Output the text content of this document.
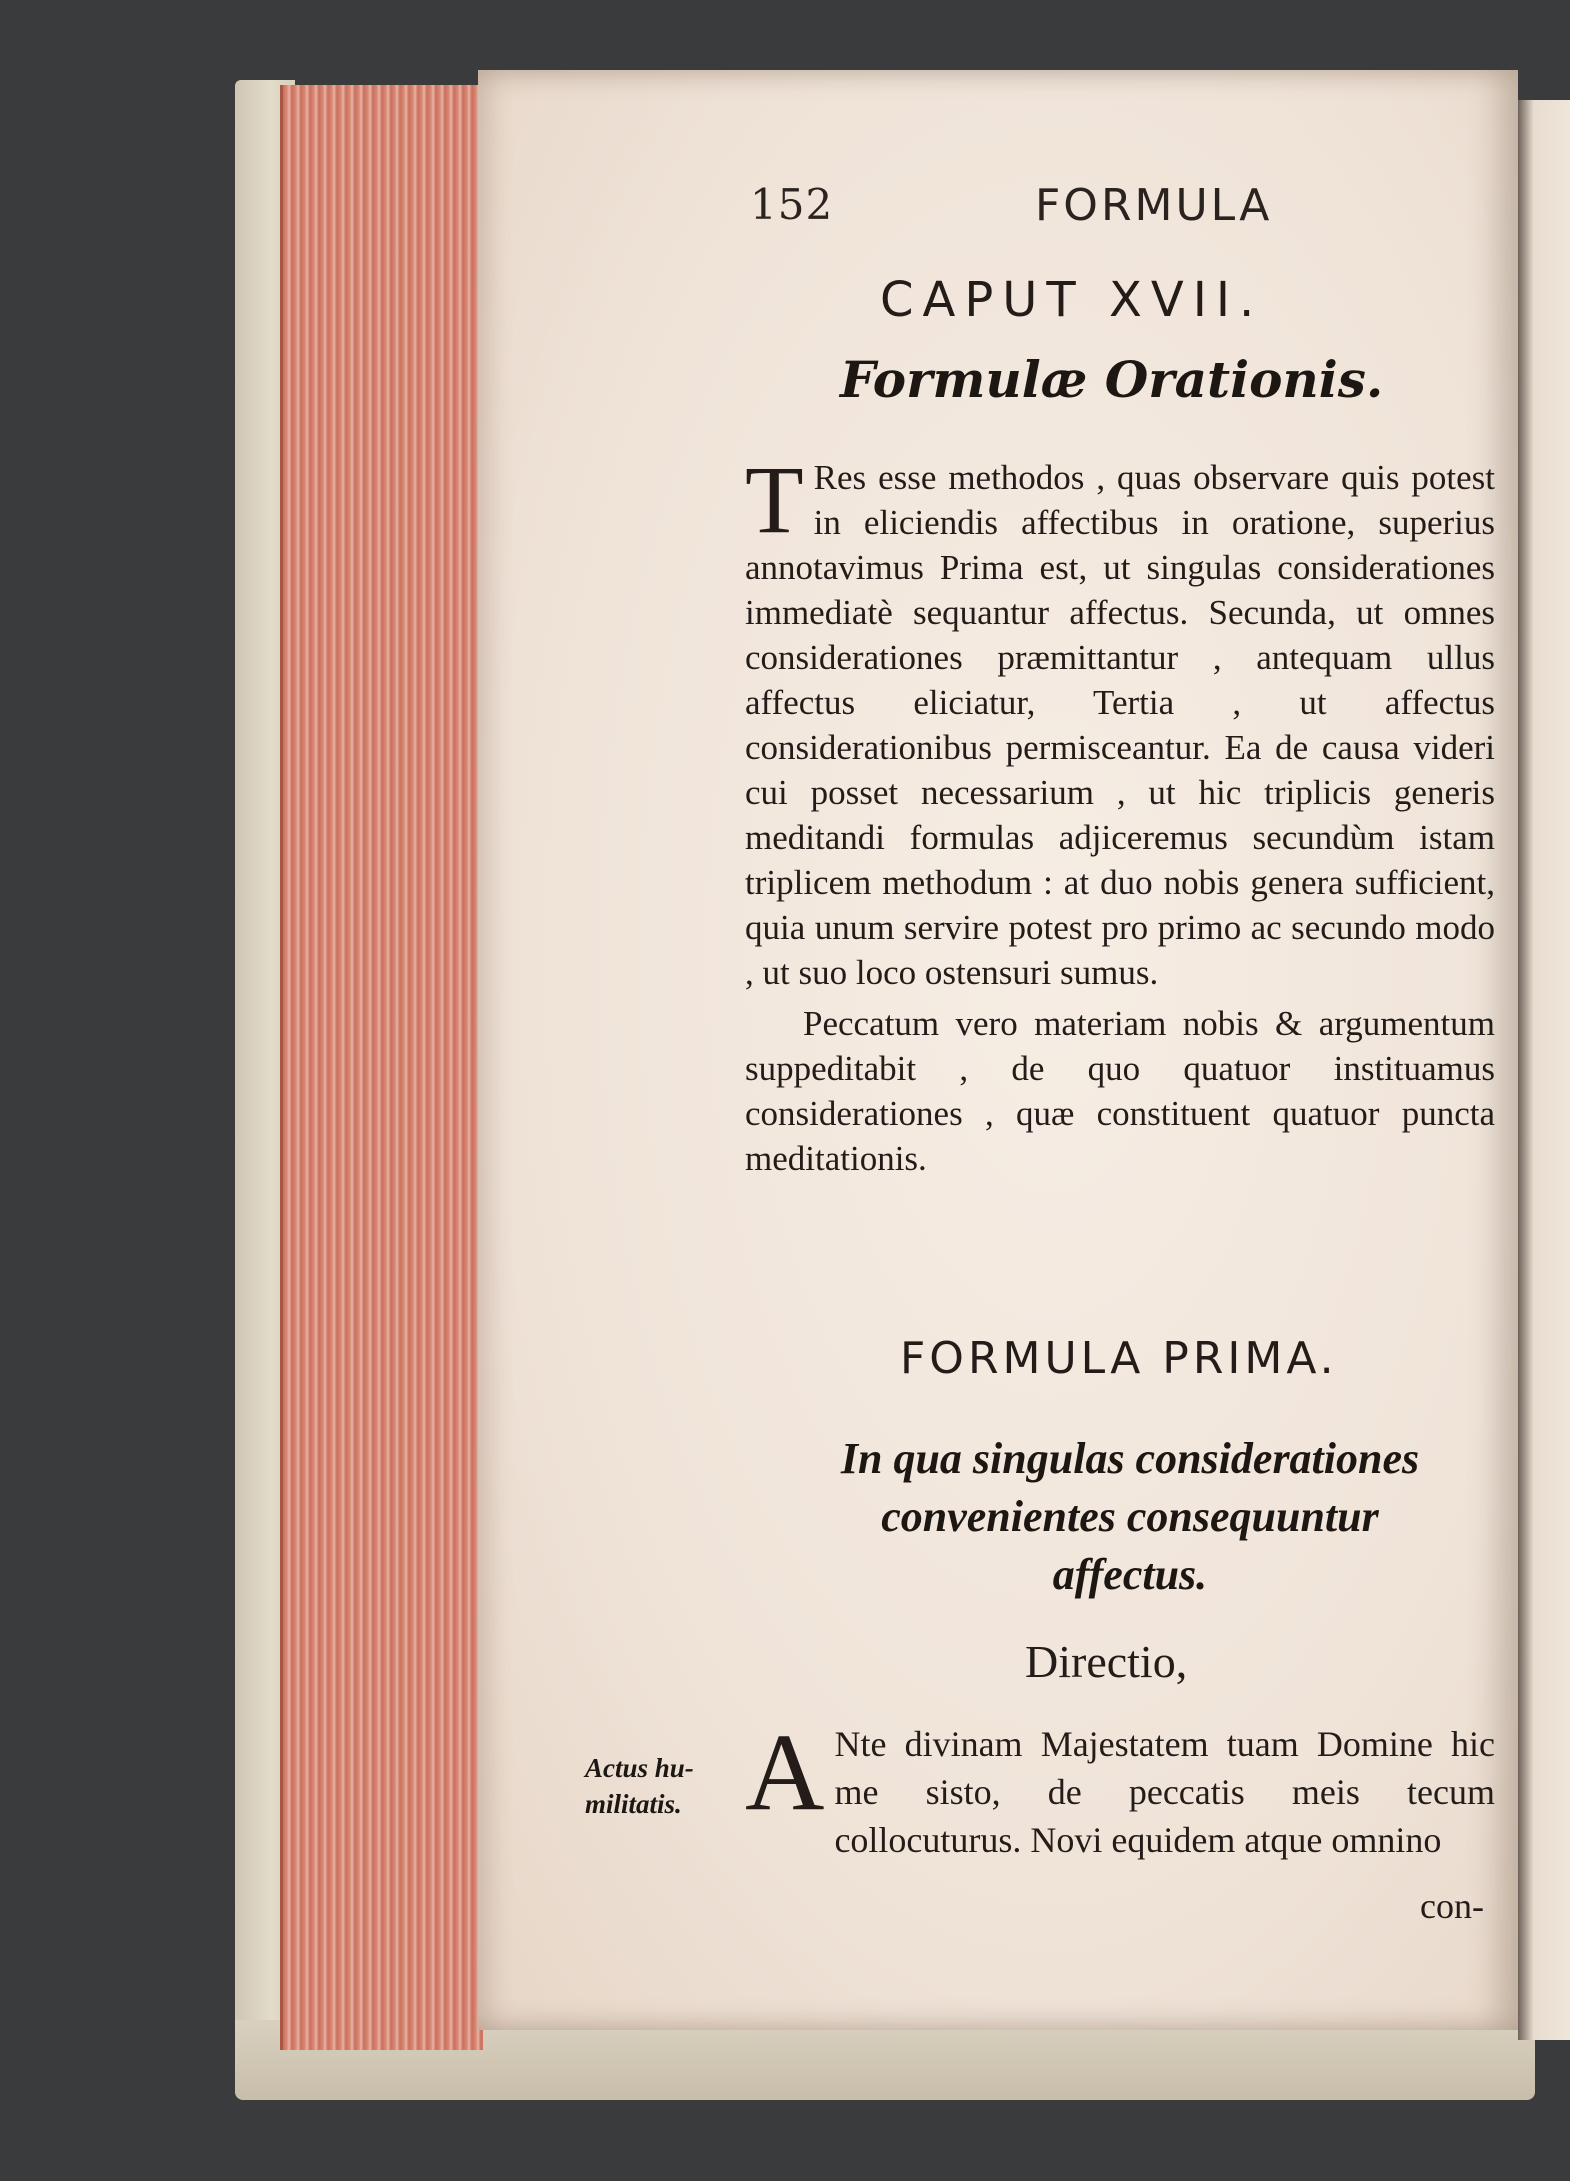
152	FORMULA
CAPUT XVII.
Formulæ Orationis.

T Res esse methodos , quas observare quis potest in eliciendis affectibus in oratione, superius annotavimus Prima est, ut singulas considerationes immediatè sequantur affectus. Secunda, ut omnes considerationes præmittantur , antequam ullus affectus eliciatur, Tertia , ut affectus considerationibus permisceantur. Ea de causa videri cui posset necessarium , ut hic triplicis generis meditandi formulas adjiceremus secundùm istam triplicem methodum : at duo nobis genera sufficient, quia unum servire potest pro primo ac secundo modo , ut suo loco ostensuri sumus.

Peccatum vero materiam nobis & argumentum suppeditabit , de quo quatuor instituamus considerationes , quæ constituent quatuor puncta meditationis.

FORMULA PRIMA.
In qua singulas considerationes
convenientes consequuntur
affectus.
Directio,
Actus hu-
militatis. A Nte divinam Majestatem tuam Domine hic me sisto, de peccatis meis tecum collocuturus. Novi equidem atque omnino
con-
